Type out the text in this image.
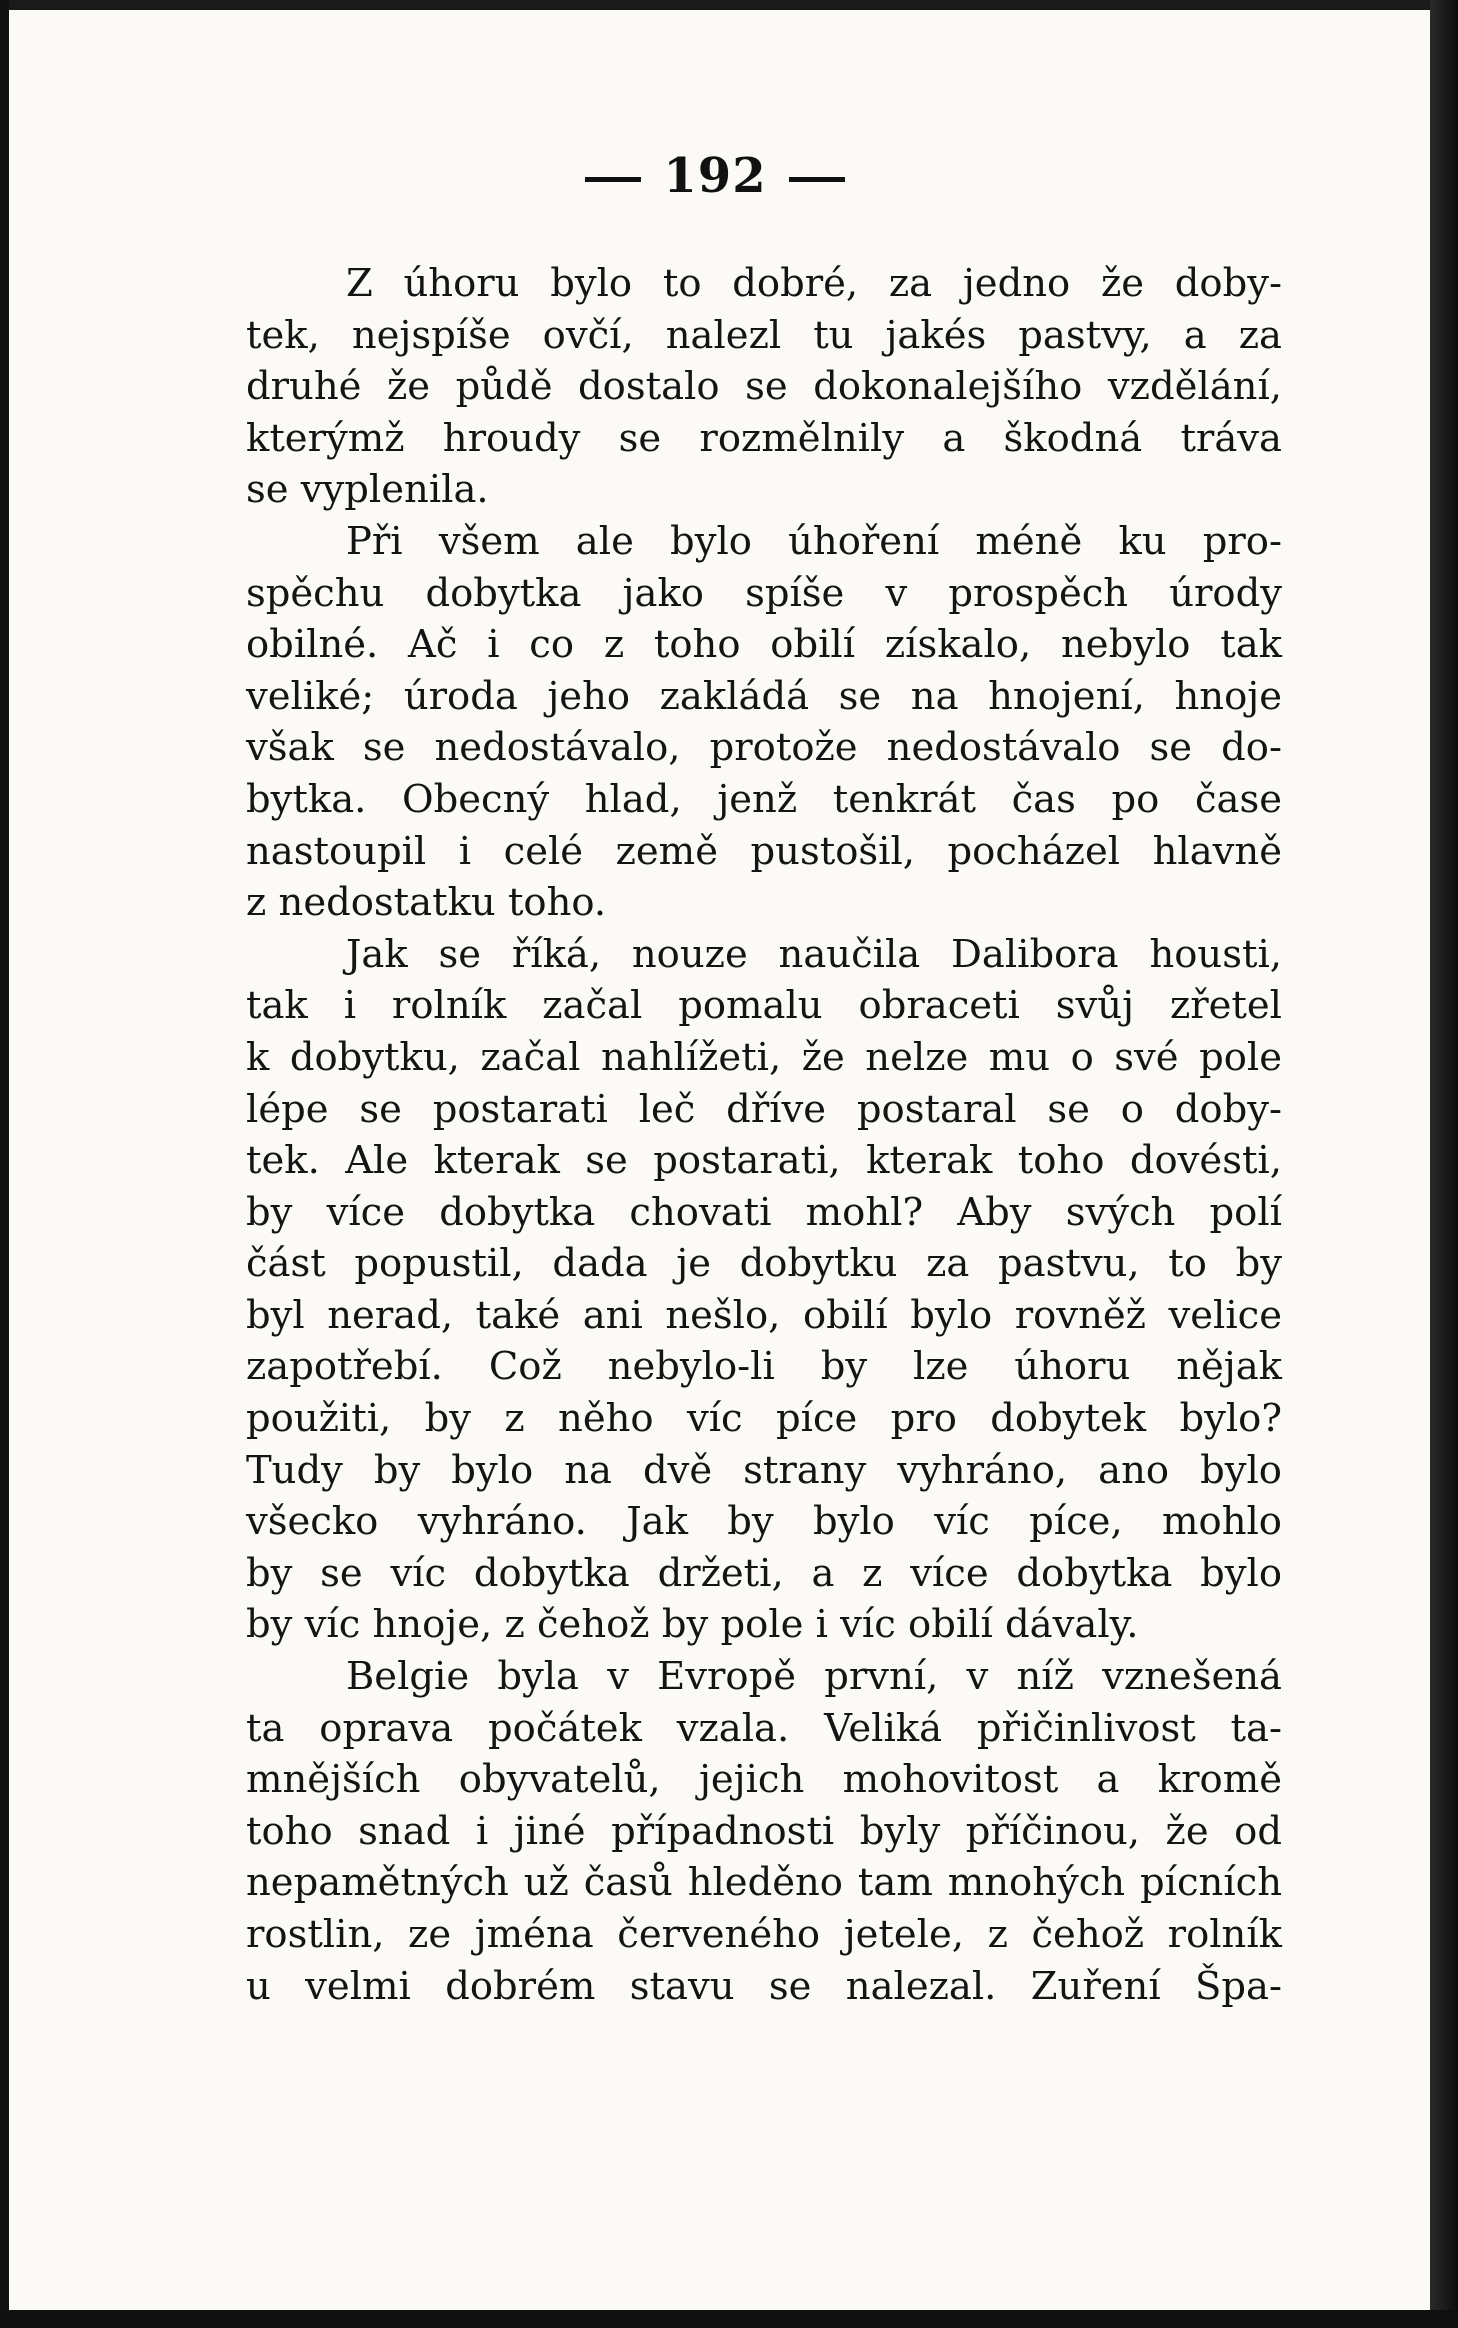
192
Z úhoru bylo to dobré, za jedno že doby-
tek, nejspíše ovčí, nalezl tu jakés pastvy, a za
druhé že půdě dostalo se dokonalejšího vzdělání,
kterýmž hroudy se rozmělnily a škodná tráva
se vyplenila.
Při všem ale bylo úhoření méně ku pro-
spěchu dobytka jako spíše v prospěch úrody
obilné. Ač i co z toho obilí získalo, nebylo tak
veliké; úroda jeho zakládá se na hnojení, hnoje
však se nedostávalo, protože nedostávalo se do-
bytka. Obecný hlad, jenž tenkrát čas po čase
nastoupil i celé země pustošil, pocházel hlavně
z nedostatku toho.
Jak se říká, nouze naučila Dalibora housti,
tak i rolník začal pomalu obraceti svůj zřetel
k dobytku, začal nahlížeti, že nelze mu o své pole
lépe se postarati leč dříve postaral se o doby-
tek. Ale kterak se postarati, kterak toho dovésti,
by více dobytka chovati mohl? Aby svých polí
část popustil, dada je dobytku za pastvu, to by
byl nerad, také ani nešlo, obilí bylo rovněž velice
zapotřebí. Což nebylo-li by lze úhoru nějak
použiti, by z něho víc píce pro dobytek bylo?
Tudy by bylo na dvě strany vyhráno, ano bylo
všecko vyhráno. Jak by bylo víc píce, mohlo
by se víc dobytka držeti, a z více dobytka bylo
by víc hnoje, z čehož by pole i víc obilí dávaly.
Belgie byla v Evropě první, v níž vznešená
ta oprava počátek vzala. Veliká přičinlivost ta-
mnějších obyvatelů, jejich mohovitost a kromě
toho snad i jiné případnosti byly příčinou, že od
nepamětných už časů hleděno tam mnohých pícních
rostlin, ze jména červeného jetele, z čehož rolník
u velmi dobrém stavu se nalezal. Zuření Špa-
